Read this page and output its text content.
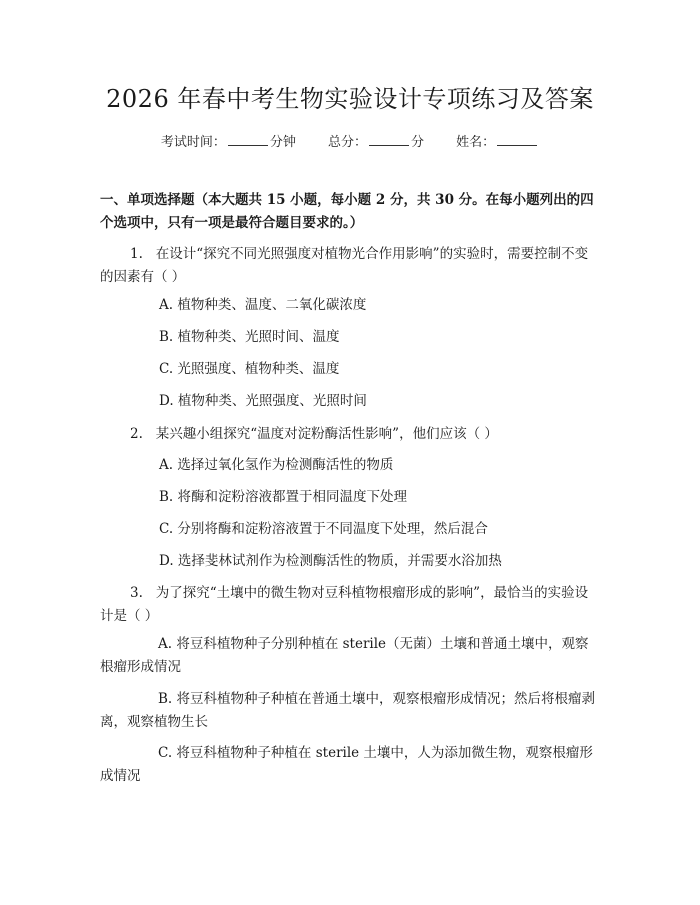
2026 年春中考生物实验设计专项练习及答案
考试时间：	分钟 总分：	分 姓名：
一、单项选择题（本大题共 15 小题，每小题 2 分，共 30 分。在每小题列出的四个选项中，只有一项是最符合题目要求的。）
1. 在设计“探究不同光照强度对植物光合作用影响”的实验时，需要控制不变的因素有（ ）
A. 植物种类、温度、二氧化碳浓度
B. 植物种类、光照时间、温度
C. 光照强度、植物种类、温度
D. 植物种类、光照强度、光照时间
2. 某兴趣小组探究“温度对淀粉酶活性影响”，他们应该（ ）
A. 选择过氧化氢作为检测酶活性的物质
B. 将酶和淀粉溶液都置于相同温度下处理
C. 分别将酶和淀粉溶液置于不同温度下处理，然后混合
D. 选择斐林试剂作为检测酶活性的物质，并需要水浴加热
3. 为了探究“土壤中的微生物对豆科植物根瘤形成的影响”，最恰当的实验设计是（ ）
A. 将豆科植物种子分别种植在 sterile（无菌）土壤和普通土壤中，观察根瘤形成情况
B. 将豆科植物种子种植在普通土壤中，观察根瘤形成情况；然后将根瘤剥离，观察植物生长
C. 将豆科植物种子种植在 sterile 土壤中，人为添加微生物，观察根瘤形成情况
